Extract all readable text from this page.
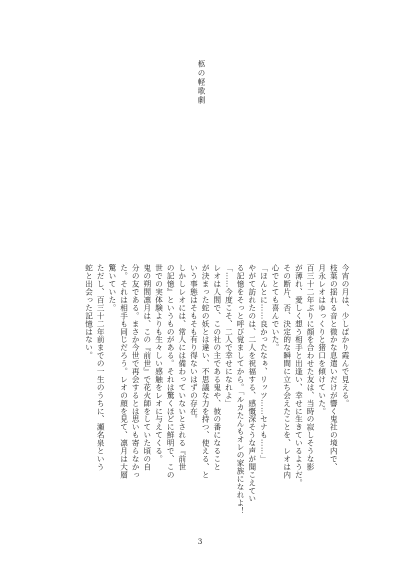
柩の軽歌劇

今宵の月は、少しばかり霞んで見える。

枝葉の揺れる音と微かな息遣いだけが響く鬼社の境内で、

月永レオはゆっくりと猪口を傾けていた。

百三十二年ぶりに顔を合わせた友は、当時の寂しそうな影

が薄れ、愛しく想う相手と出逢い、幸せに生きているようだ。

その断片、否、決定的な瞬間に立ち会えたことを、レオは内

心でとても喜んでいた。

「ほんとに……良かったなぁ、リッツ……セナも……」

やがて訪れたのは、二人を祝福する、感慨深そうな声が聞こえてい

る記憶をそっと呼び覚ましてから。「ルカたんもオレの家族になれよ！

「……今度こそ、二人で幸せになれよ」

レオは人間で、この社の主である鬼や、彼の番になること

が決まった蛇の妖とは違い、不思議な力を持つ、使える、と

いう事態はそもそも有り得ないはずの存在。

しかしレオには、常人には備わっていないとされる『前世

の記憶』というものがある。それは驚くほどに鮮明で、この

世での実体験よりも生々しい感触をレオに与えてくる。

鬼の朔間凛月は、この『前世』で花火師をしていた頃の自

分の友である。まさか今世で再会するとは思いも寄らなかっ

た。それは相手も同じだろう。レオの顔を見て、凛月は大層

驚いていた。

ただし、百三十二年前までの一生のうちに、瀬名泉という

蛇と出会った記憶はない。

3
